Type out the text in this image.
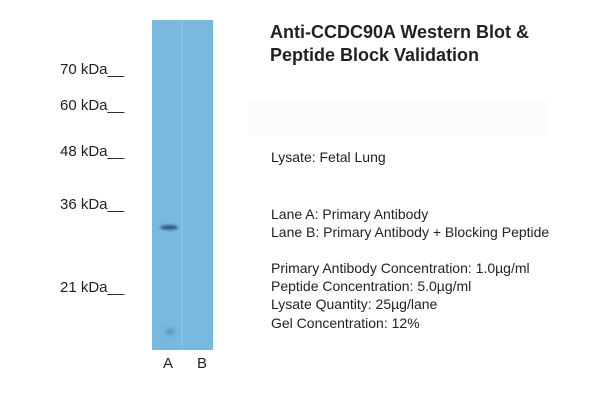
70 kDa__
60 kDa__
48 kDa__
36 kDa__
21 kDa__
A B
Anti-CCDC90A Western Blot &
Peptide Block Validation
Lysate: Fetal Lung
Lane A: Primary Antibody
Lane B: Primary Antibody + Blocking Peptide
Primary Antibody Concentration: 1.0µg/ml
Peptide Concentration: 5.0µg/ml
Lysate Quantity: 25µg/lane
Gel Concentration: 12%
